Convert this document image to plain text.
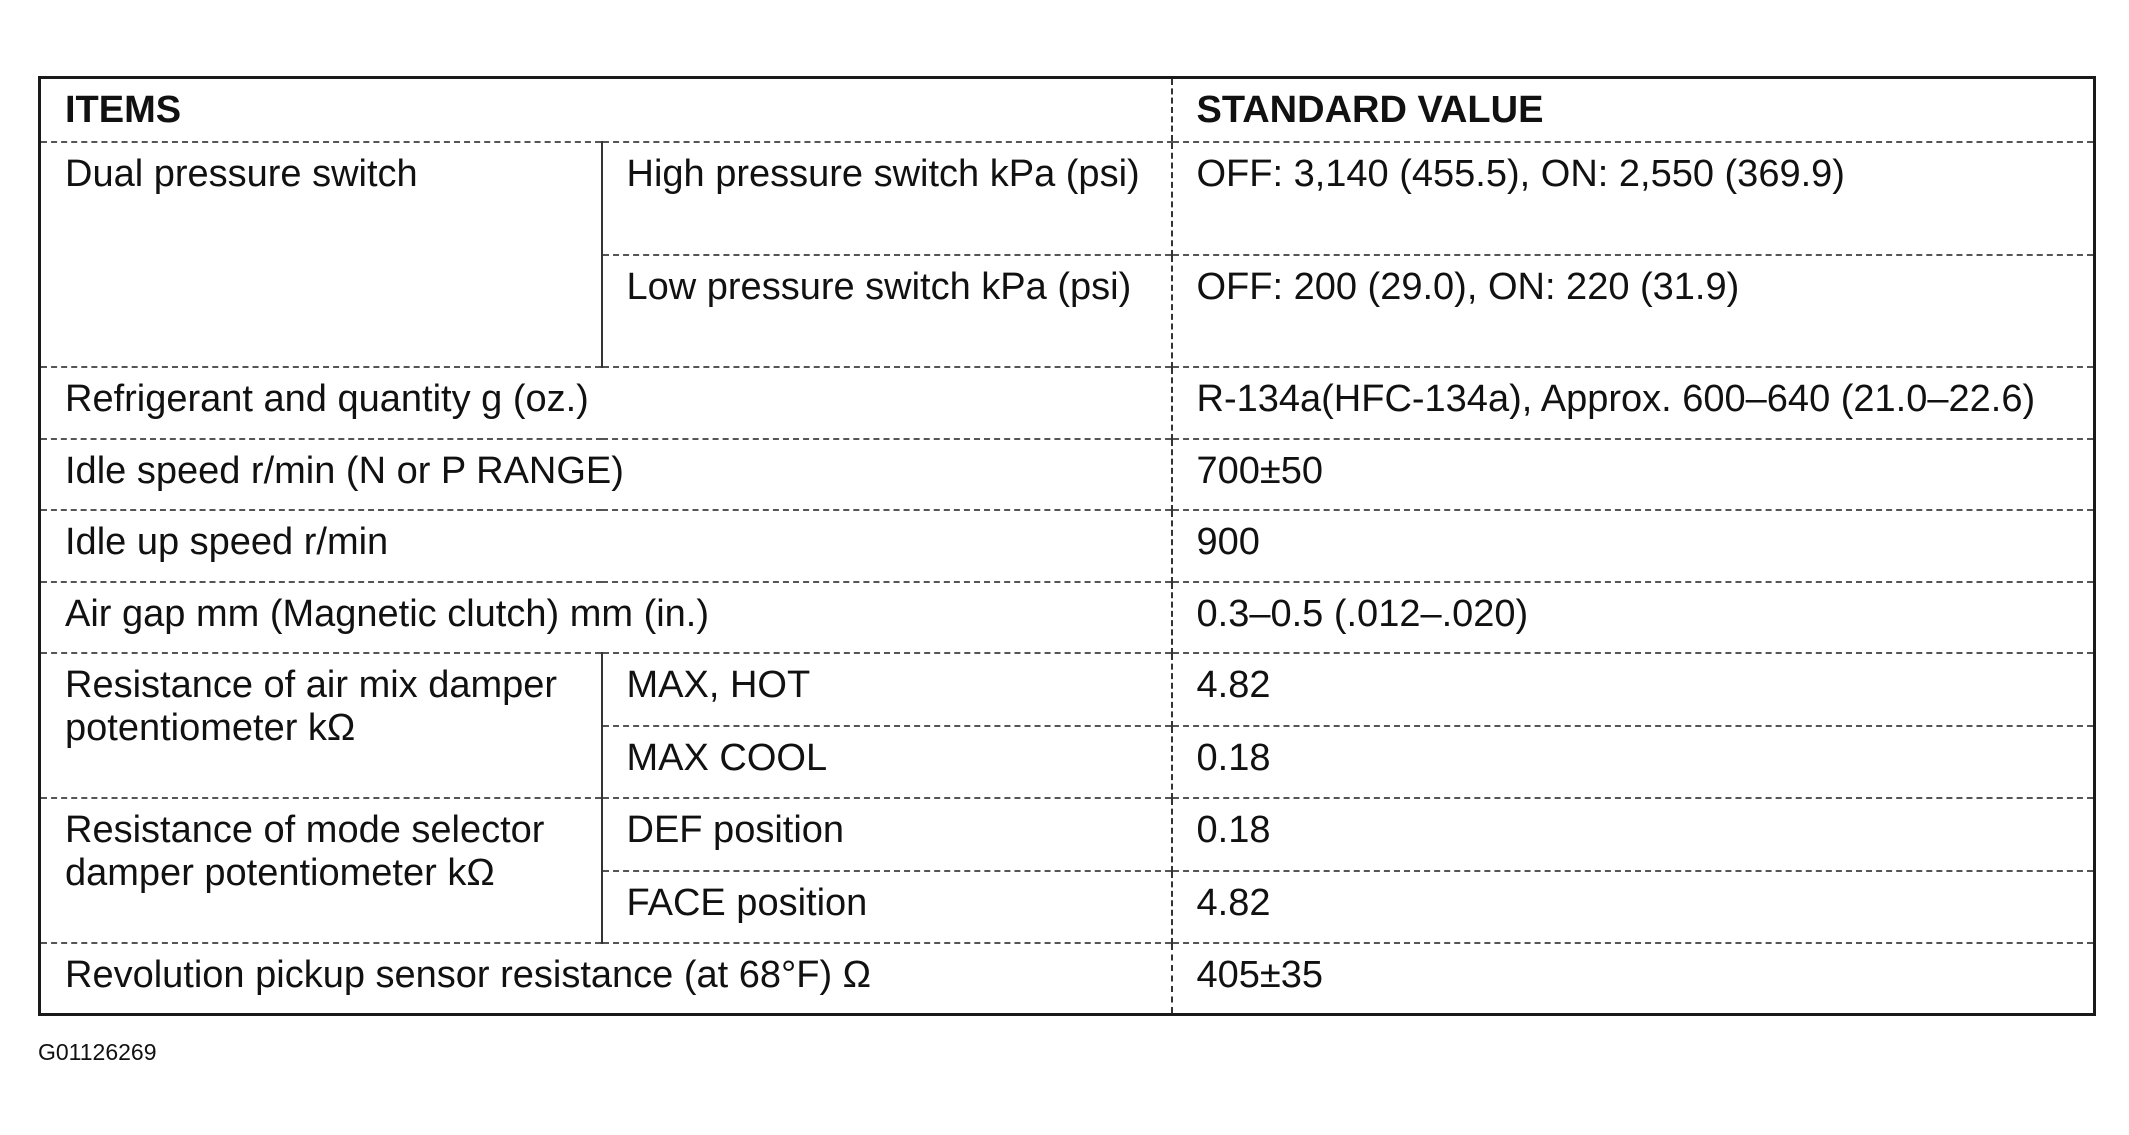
ITEMS		STANDARD VALUE
Dual pressure switch	High pressure switch kPa (psi)	OFF: 3,140 (455.5), ON: 2,550 (369.9)
	Low pressure switch kPa (psi)	OFF: 200 (29.0), ON: 220 (31.9)
Refrigerant and quantity g (oz.)		R-134a(HFC-134a), Approx. 600–640 (21.0–22.6)
Idle speed r/min (N or P RANGE)		700±50
Idle up speed r/min		900
Air gap mm (Magnetic clutch) mm (in.)		0.3–0.5 (.012–.020)
Resistance of air mix damper potentiometer kΩ	MAX, HOT	4.82
	MAX COOL	0.18
Resistance of mode selector damper potentiometer kΩ	DEF position	0.18
	FACE position	4.82
Revolution pickup sensor resistance (at 68°F) Ω		405±35
G01126269
